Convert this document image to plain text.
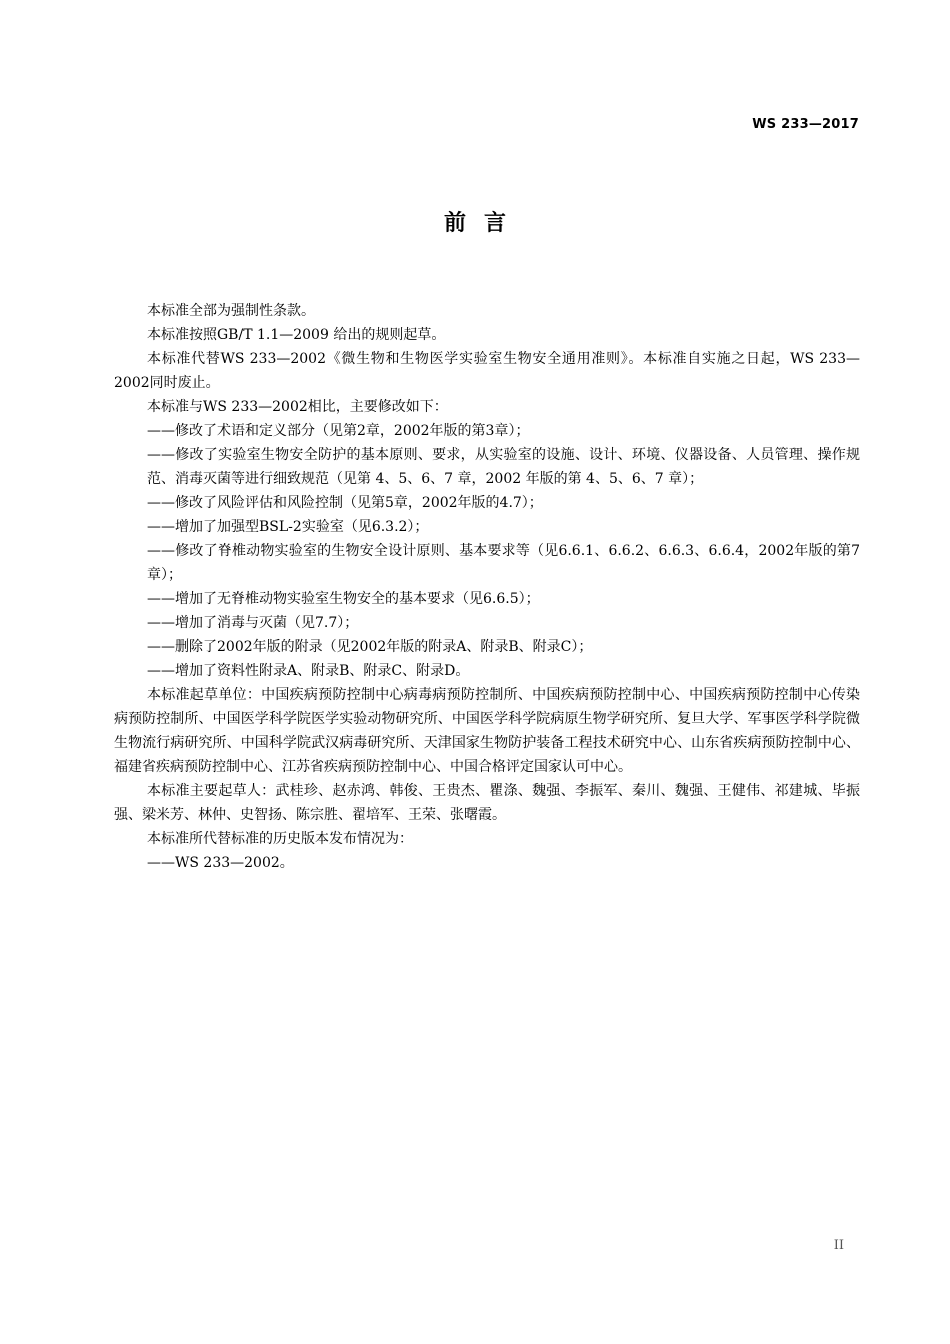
WS 233—2017
前言

本标准全部为强制性条款。

本标准按照GB/T 1.1—2009 给出的规则起草。

本标准代替WS 233—2002《微生物和生物医学实验室生物安全通用准则》。本标准自实施之日起，WS 233—2002同时废止。

本标准与WS 233—2002相比，主要修改如下：

——修改了术语和定义部分（见第2章，2002年版的第3章）；

——修改了实验室生物安全防护的基本原则、要求，从实验室的设施、设计、环境、仪器设备、人员管理、操作规范、消毒灭菌等进行细致规范（见第 4、5、6、7 章，2002 年版的第 4、5、6、7 章）；

——修改了风险评估和风险控制（见第5章，2002年版的4.7）；

——增加了加强型BSL-2实验室（见6.3.2）；

——修改了脊椎动物实验室的生物安全设计原则、基本要求等（见6.6.1、6.6.2、6.6.3、6.6.4，2002年版的第7章）；

——增加了无脊椎动物实验室生物安全的基本要求（见6.6.5）；

——增加了消毒与灭菌（见7.7）；

——删除了2002年版的附录（见2002年版的附录A、附录B、附录C）；

——增加了资料性附录A、附录B、附录C、附录D。

本标准起草单位：中国疾病预防控制中心病毒病预防控制所、中国疾病预防控制中心、中国疾病预防控制中心传染病预防控制所、中国医学科学院医学实验动物研究所、中国医学科学院病原生物学研究所、复旦大学、军事医学科学院微生物流行病研究所、中国科学院武汉病毒研究所、天津国家生物防护装备工程技术研究中心、山东省疾病预防控制中心、福建省疾病预防控制中心、江苏省疾病预防控制中心、中国合格评定国家认可中心。

本标准主要起草人：武桂珍、赵赤鸿、韩俊、王贵杰、瞿涤、魏强、李振军、秦川、魏强、王健伟、祁建城、毕振强、梁米芳、林仲、史智扬、陈宗胜、翟培军、王荣、张曙霞。

本标准所代替标准的历史版本发布情况为：

——WS 233—2002。

II
